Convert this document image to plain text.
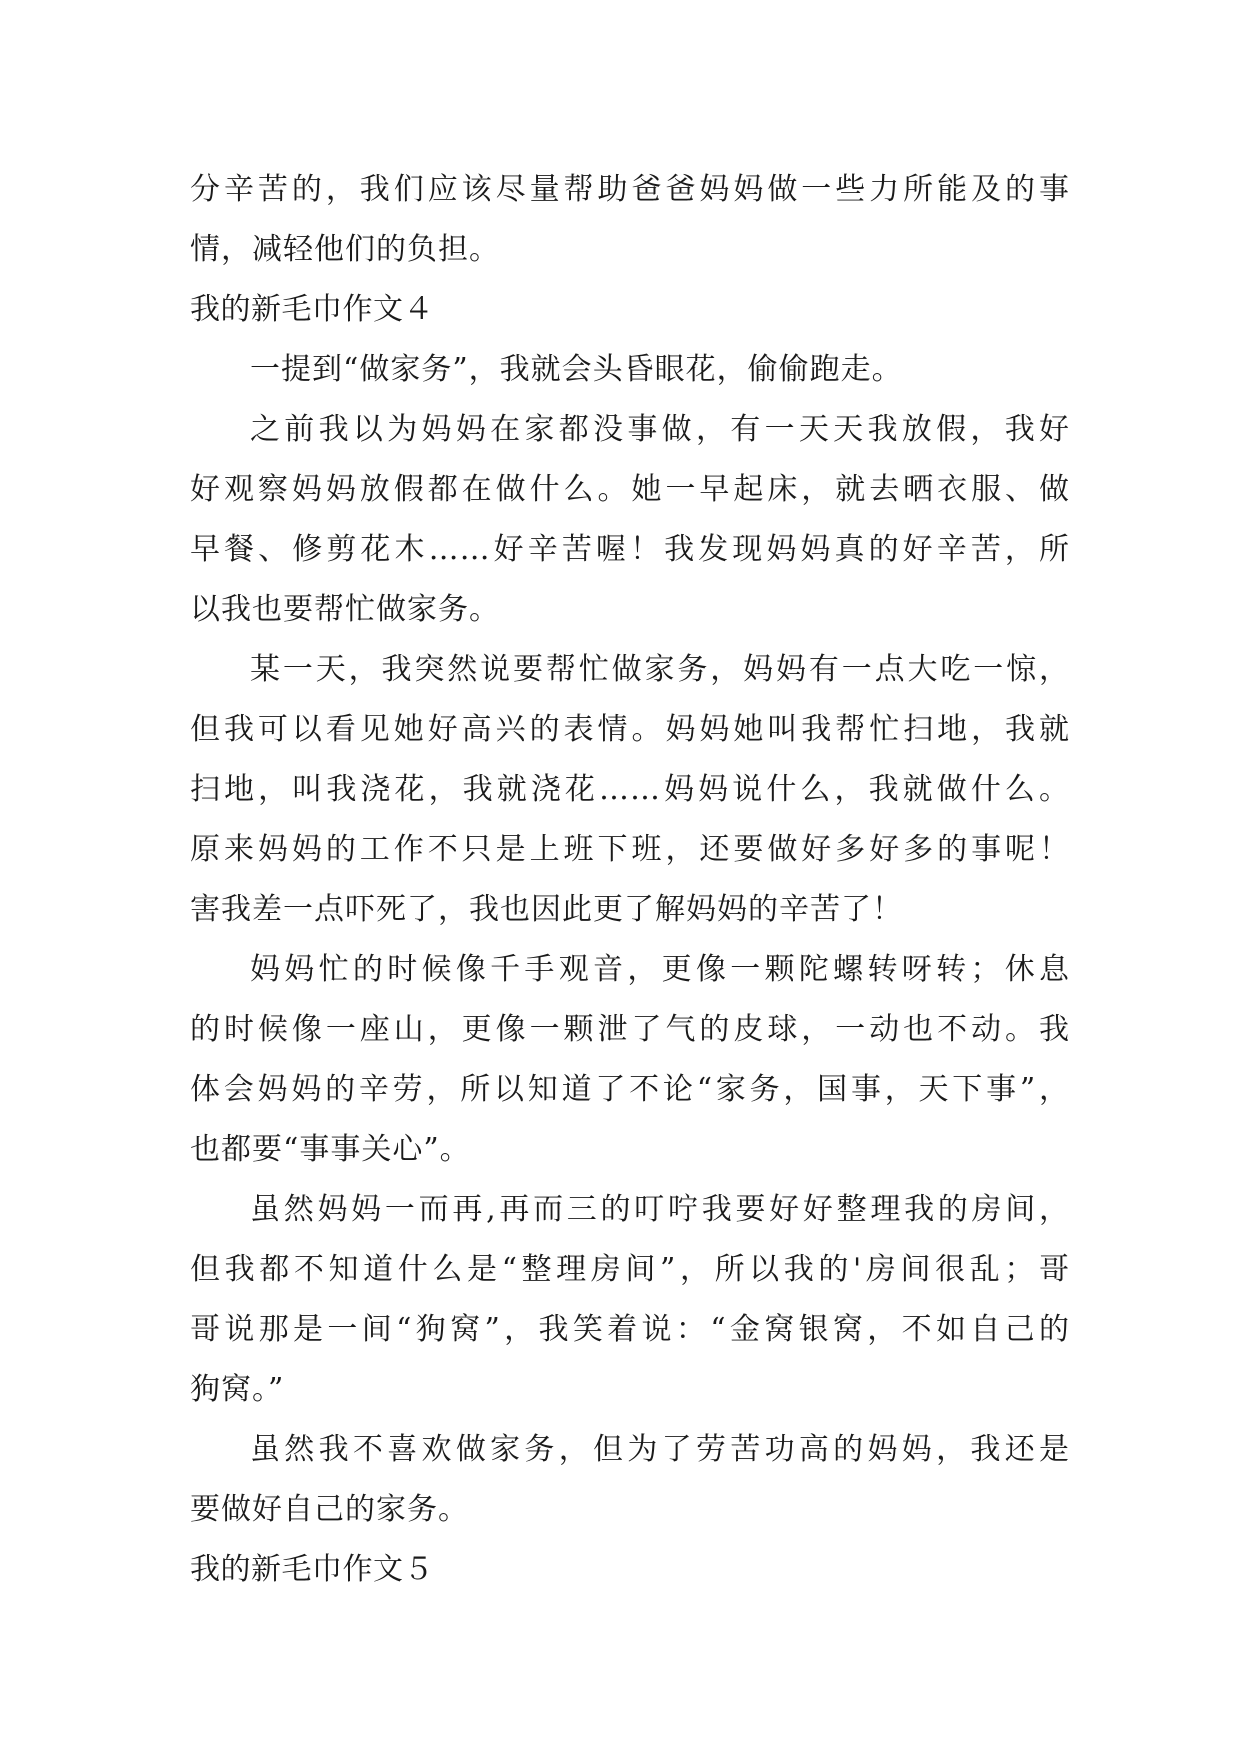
分辛苦的，我们应该尽量帮助爸爸妈妈做一些力所能及的事
情，减轻他们的负担。
我的新毛巾作文４
一提到“做家务”，我就会头昏眼花，偷偷跑走。
之前我以为妈妈在家都没事做，有一天天我放假，我好
好观察妈妈放假都在做什么。她一早起床，就去晒衣服、做
早餐、修剪花木……好辛苦喔！我发现妈妈真的好辛苦，所
以我也要帮忙做家务。
某一天，我突然说要帮忙做家务，妈妈有一点大吃一惊，
但我可以看见她好高兴的表情。妈妈她叫我帮忙扫地，我就
扫地，叫我浇花，我就浇花……妈妈说什么，我就做什么。
原来妈妈的工作不只是上班下班，还要做好多好多的事呢！
害我差一点吓死了，我也因此更了解妈妈的辛苦了！
妈妈忙的时候像千手观音，更像一颗陀螺转呀转；休息
的时候像一座山，更像一颗泄了气的皮球，一动也不动。我
体会妈妈的辛劳，所以知道了不论“家务，国事，天下事”，
也都要“事事关心”。
虽然妈妈一而再,再而三的叮咛我要好好整理我的房间，
但我都不知道什么是“整理房间”，所以我的'房间很乱；哥
哥说那是一间“狗窝”，我笑着说：“金窝银窝，不如自己的
狗窝。”
虽然我不喜欢做家务，但为了劳苦功高的妈妈，我还是
要做好自己的家务。
我的新毛巾作文５
